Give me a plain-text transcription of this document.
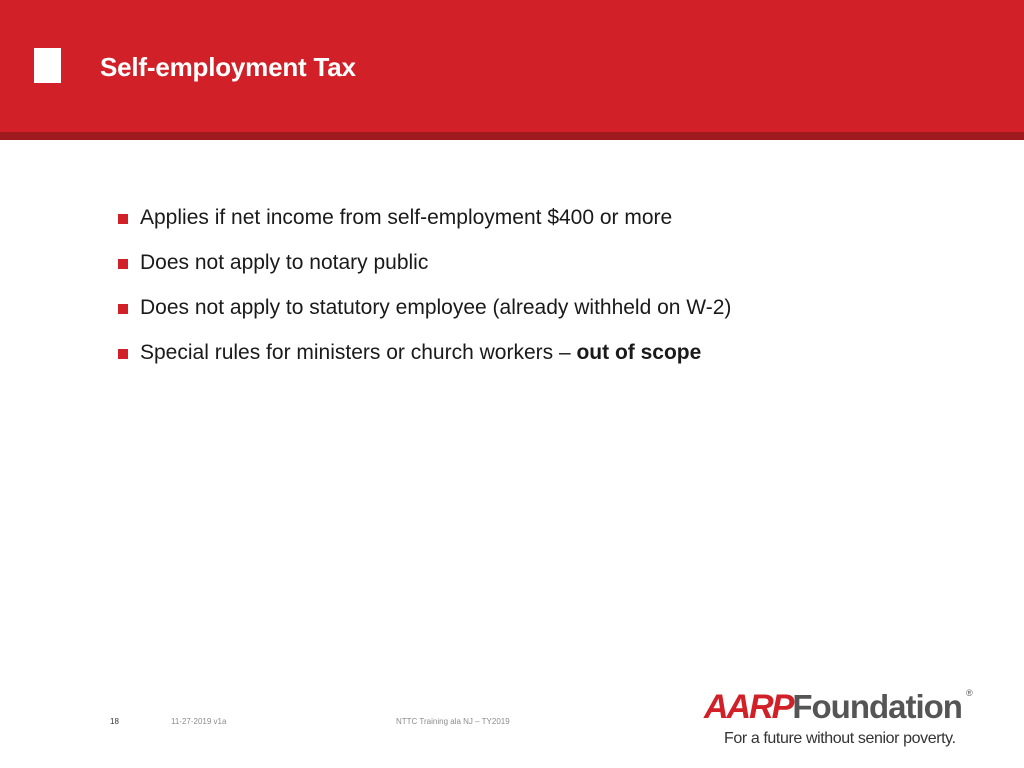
Self-employment Tax
Applies if net income from self-employment $400 or more
Does not apply to notary public
Does not apply to statutory employee (already withheld on W-2)
Special rules for ministers or church workers – out of scope
18	11-27-2019 v1a	NTTC Training ala NJ – TY2019	AARPFoundation ®
For a future without senior poverty.
